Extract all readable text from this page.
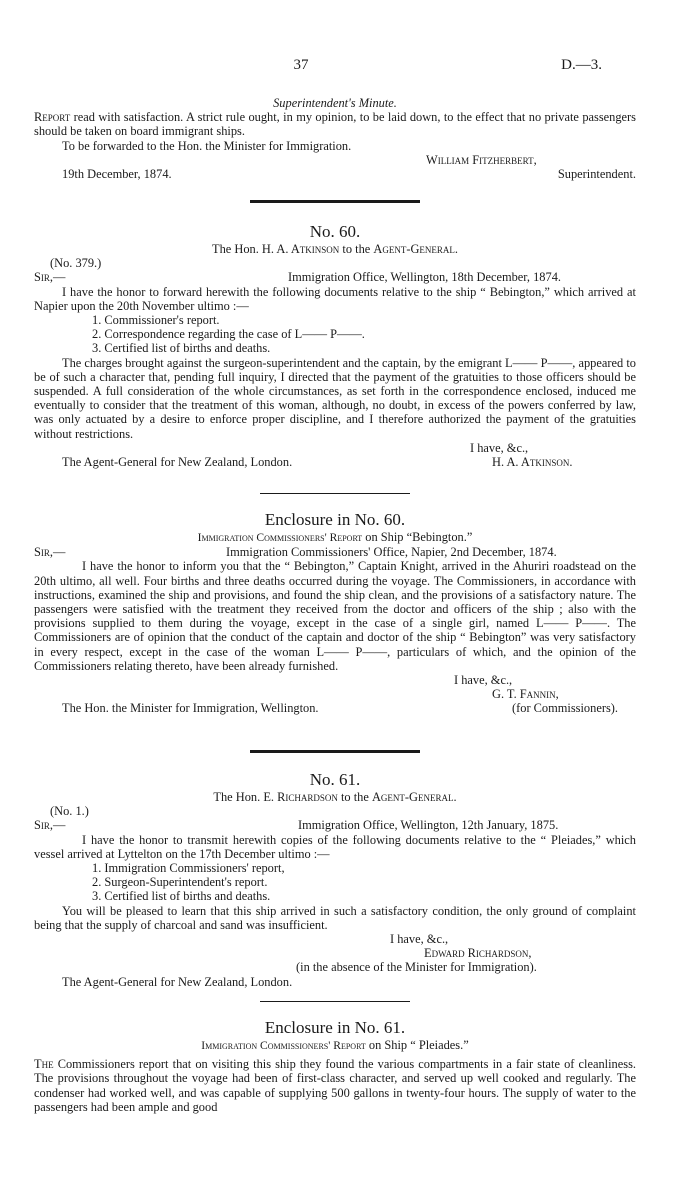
37	D.—3.
Superintendent's Minute.
Report read with satisfaction. A strict rule ought, in my opinion, to be laid down, to the effect that no private passengers should be taken on board immigrant ships.
To be forwarded to the Hon. the Minister for Immigration.
William Fitzherbert,
19th December, 1874.	Superintendent.
No. 60.
The Hon. H. A. Atkinson to the Agent-General.
(No. 379.)
Sir,—	Immigration Office, Wellington, 18th December, 1874.
I have the honor to forward herewith the following documents relative to the ship “ Bebington,” which arrived at Napier upon the 20th November ultimo :—
1. Commissioner's report.
2. Correspondence regarding the case of L—— P——.
3. Certified list of births and deaths.
The charges brought against the surgeon-superintendent and the captain, by the emigrant L—— P——, appeared to be of such a character that, pending full inquiry, I directed that the payment of the gratuities to those officers should be suspended. A full consideration of the whole circumstances, as set forth in the correspondence enclosed, induced me eventually to consider that the treatment of this woman, although, no doubt, in excess of the powers conferred by law, was only actuated by a desire to enforce proper discipline, and I therefore authorized the payment of the gratuities without restrictions.
I have, &c.,
The Agent-General for New Zealand, London.	H. A. Atkinson.
Enclosure in No. 60.
Immigration Commissioners' Report on Ship “Bebington.”
Sir,—	Immigration Commissioners' Office, Napier, 2nd December, 1874.
I have the honor to inform you that the “ Bebington,” Captain Knight, arrived in the Ahuriri roadstead on the 20th ultimo, all well. Four births and three deaths occurred during the voyage. The Commissioners, in accordance with instructions, examined the ship and provisions, and found the ship clean, and the provisions of a satisfactory nature. The passengers were satisfied with the treatment they received from the doctor and officers of the ship ; also with the provisions supplied to them during the voyage, except in the case of a single girl, named L—— P——. The Commissioners are of opinion that the conduct of the captain and doctor of the ship “ Bebington” was very satisfactory in every respect, except in the case of the woman L—— P——, particulars of which, and the opinion of the Commissioners relating thereto, have been already furnished.
I have, &c.,
G. T. Fannin,
The Hon. the Minister for Immigration, Wellington.	(for Commissioners).
No. 61.
The Hon. E. Richardson to the Agent-General.
(No. 1.)
Sir,—	Immigration Office, Wellington, 12th January, 1875.
I have the honor to transmit herewith copies of the following documents relative to the “ Pleiades,” which vessel arrived at Lyttelton on the 17th December ultimo :—
1. Immigration Commissioners' report,
2. Surgeon-Superintendent's report.
3. Certified list of births and deaths.
You will be pleased to learn that this ship arrived in such a satisfactory condition, the only ground of complaint being that the supply of charcoal and sand was insufficient.
I have, &c.,
Edward Richardson,
(in the absence of the Minister for Immigration).
The Agent-General for New Zealand, London.
Enclosure in No. 61.
Immigration Commissioners' Report on Ship “ Pleiades.”
The Commissioners report that on visiting this ship they found the various compartments in a fair state of cleanliness. The provisions throughout the voyage had been of first-class character, and served up well cooked and regularly. The condenser had worked well, and was capable of supplying 500 gallons in twenty-four hours. The supply of water to the passengers had been ample and good
